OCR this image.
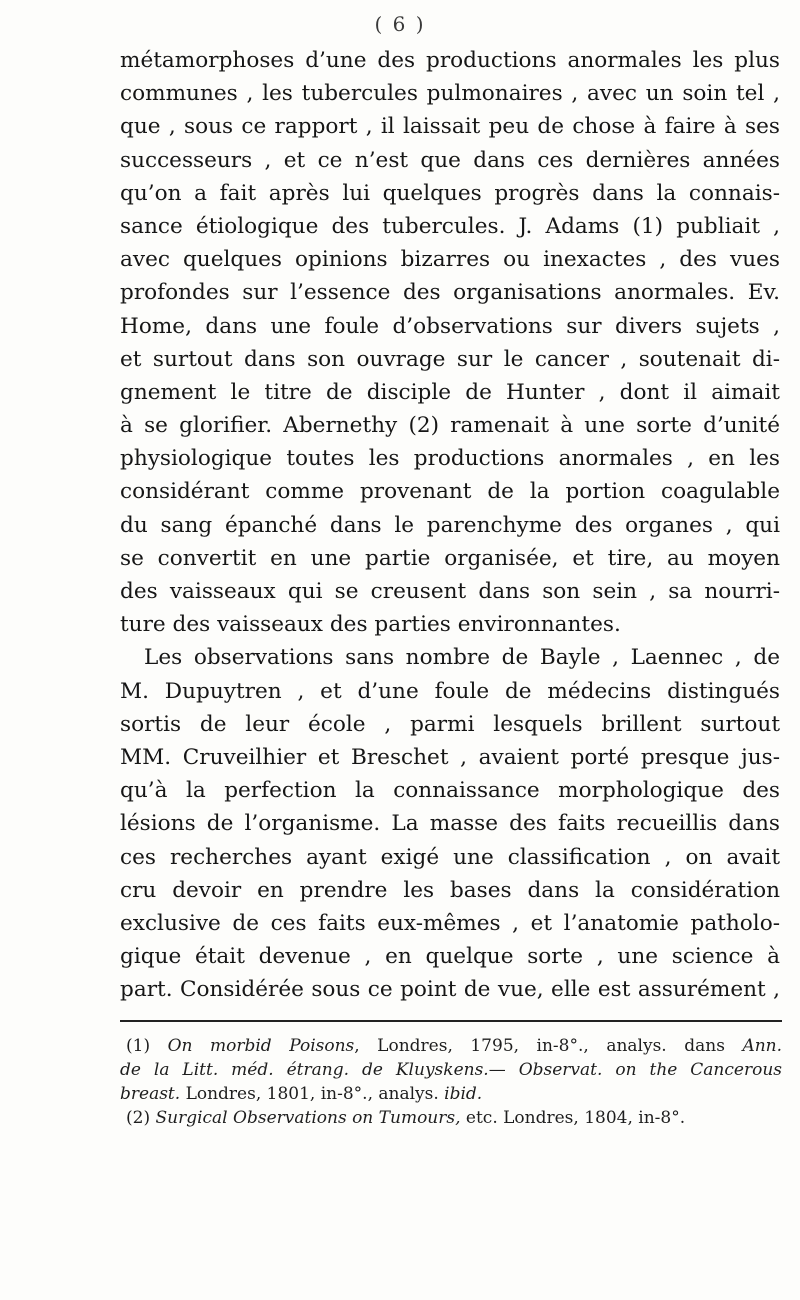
( 6 )
métamorphoses d’une des productions anormales les plus
communes , les tubercules pulmonaires , avec un soin tel ,
que , sous ce rapport , il laissait peu de chose à faire à ses
successeurs , et ce n’est que dans ces dernières années
qu’on a fait après lui quelques progrès dans la connais-
sance étiologique des tubercules. J. Adams (1) publiait ,
avec quelques opinions bizarres ou inexactes , des vues
profondes sur l’essence des organisations anormales. Ev.
Home, dans une foule d’observations sur divers sujets ,
et surtout dans son ouvrage sur le cancer , soutenait di-
gnement le titre de disciple de Hunter , dont il aimait
à se glorifier. Abernethy (2) ramenait à une sorte d’unité
physiologique toutes les productions anormales , en les
considérant comme provenant de la portion coagulable
du sang épanché dans le parenchyme des organes , qui
se convertit en une partie organisée, et tire, au moyen
des vaisseaux qui se creusent dans son sein , sa nourri-
ture des vaisseaux des parties environnantes.
Les observations sans nombre de Bayle , Laennec , de
M. Dupuytren , et d’une foule de médecins distingués
sortis de leur école , parmi lesquels brillent surtout
MM. Cruveilhier et Breschet , avaient porté presque jus-
qu’à la perfection la connaissance morphologique des
lésions de l’organisme. La masse des faits recueillis dans
ces recherches ayant exigé une classification , on avait
cru devoir en prendre les bases dans la considération
exclusive de ces faits eux-mêmes , et l’anatomie patholo-
gique était devenue , en quelque sorte , une science à
part. Considérée sous ce point de vue, elle est assurément ,
(1) On morbid Poisons, Londres, 1795, in-8°., analys. dans Ann.
de la Litt. méd. étrang. de Kluyskens.— Observat. on the Cancerous
breast. Londres, 1801, in-8°., analys. ibid.
(2) Surgical Observations on Tumours, etc. Londres, 1804, in-8°.
